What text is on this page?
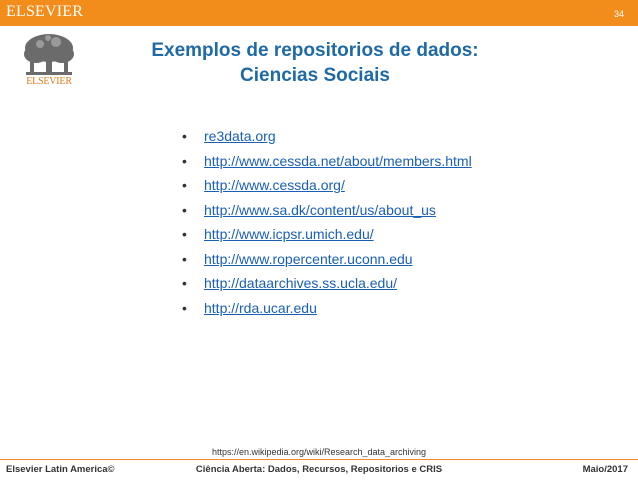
ELSEVIER	34
ELSEVIER
Exemplos de repositorios de dados:
Ciencias Sociais
•	re3data.org
•	http://www.cessda.net/about/members.html
•	http://www.cessda.org/
•	http://www.sa.dk/content/us/about_us
•	http://www.icpsr.umich.edu/
•	http://www.ropercenter.uconn.edu
•	http://dataarchives.ss.ucla.edu/
•	http://rda.ucar.edu
https://en.wikipedia.org/wiki/Research_data_archiving
Elsevier Latin America©	Ciência Aberta: Dados, Recursos, Repositorios e CRIS	Maio/2017
